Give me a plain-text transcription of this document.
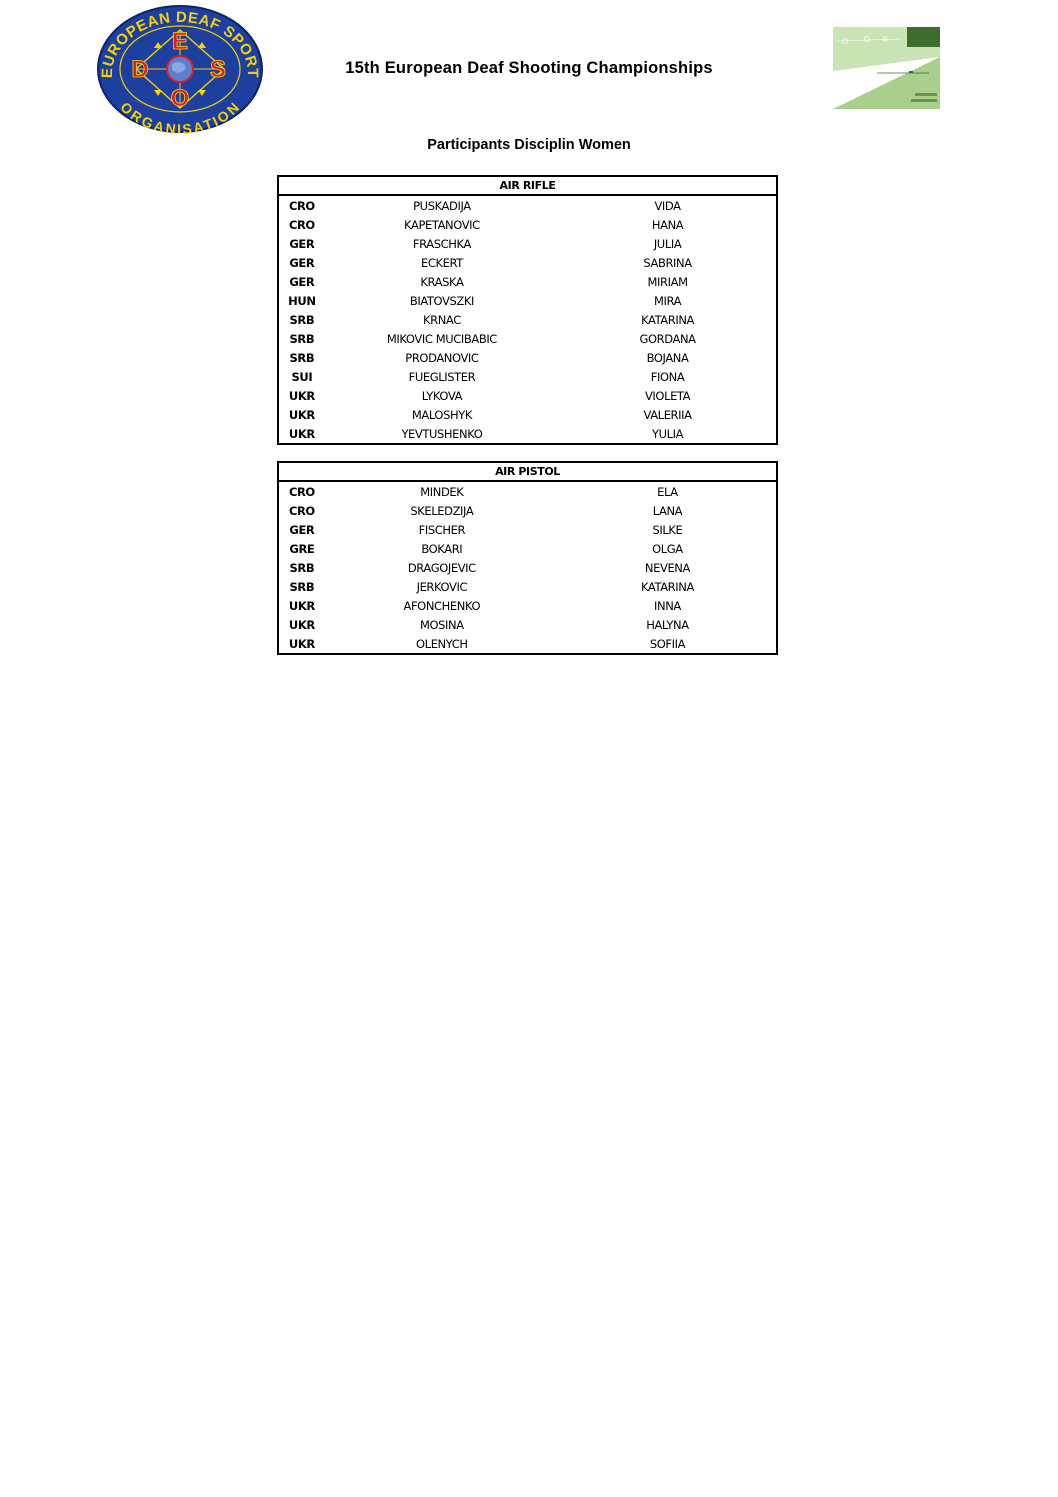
EUROPEAN DEAF SPORT
ORGANISATION
E
D	S
O
15th European Deaf Shooting Championships
Participants Disciplin Women
AIR RIFLE		
CRO	PUSKADIJA	VIDA
CRO	KAPETANOVIC	HANA
GER	FRASCHKA	JULIA
GER	ECKERT	SABRINA
GER	KRASKA	MIRIAM
HUN	BIATOVSZKI	MIRA
SRB	KRNAC	KATARINA
SRB	MIKOVIC MUCIBABIC	GORDANA
SRB	PRODANOVIC	BOJANA
SUI	FUEGLISTER	FIONA
UKR	LYKOVA	VIOLETA
UKR	MALOSHYK	VALERIIA
UKR	YEVTUSHENKO	YULIA
AIR PISTOL		
CRO	MINDEK	ELA
CRO	SKELEDZIJA	LANA
GER	FISCHER	SILKE
GRE	BOKARI	OLGA
SRB	DRAGOJEVIC	NEVENA
SRB	JERKOVIC	KATARINA
UKR	AFONCHENKO	INNA
UKR	MOSINA	HALYNA
UKR	OLENYCH	SOFIIA
